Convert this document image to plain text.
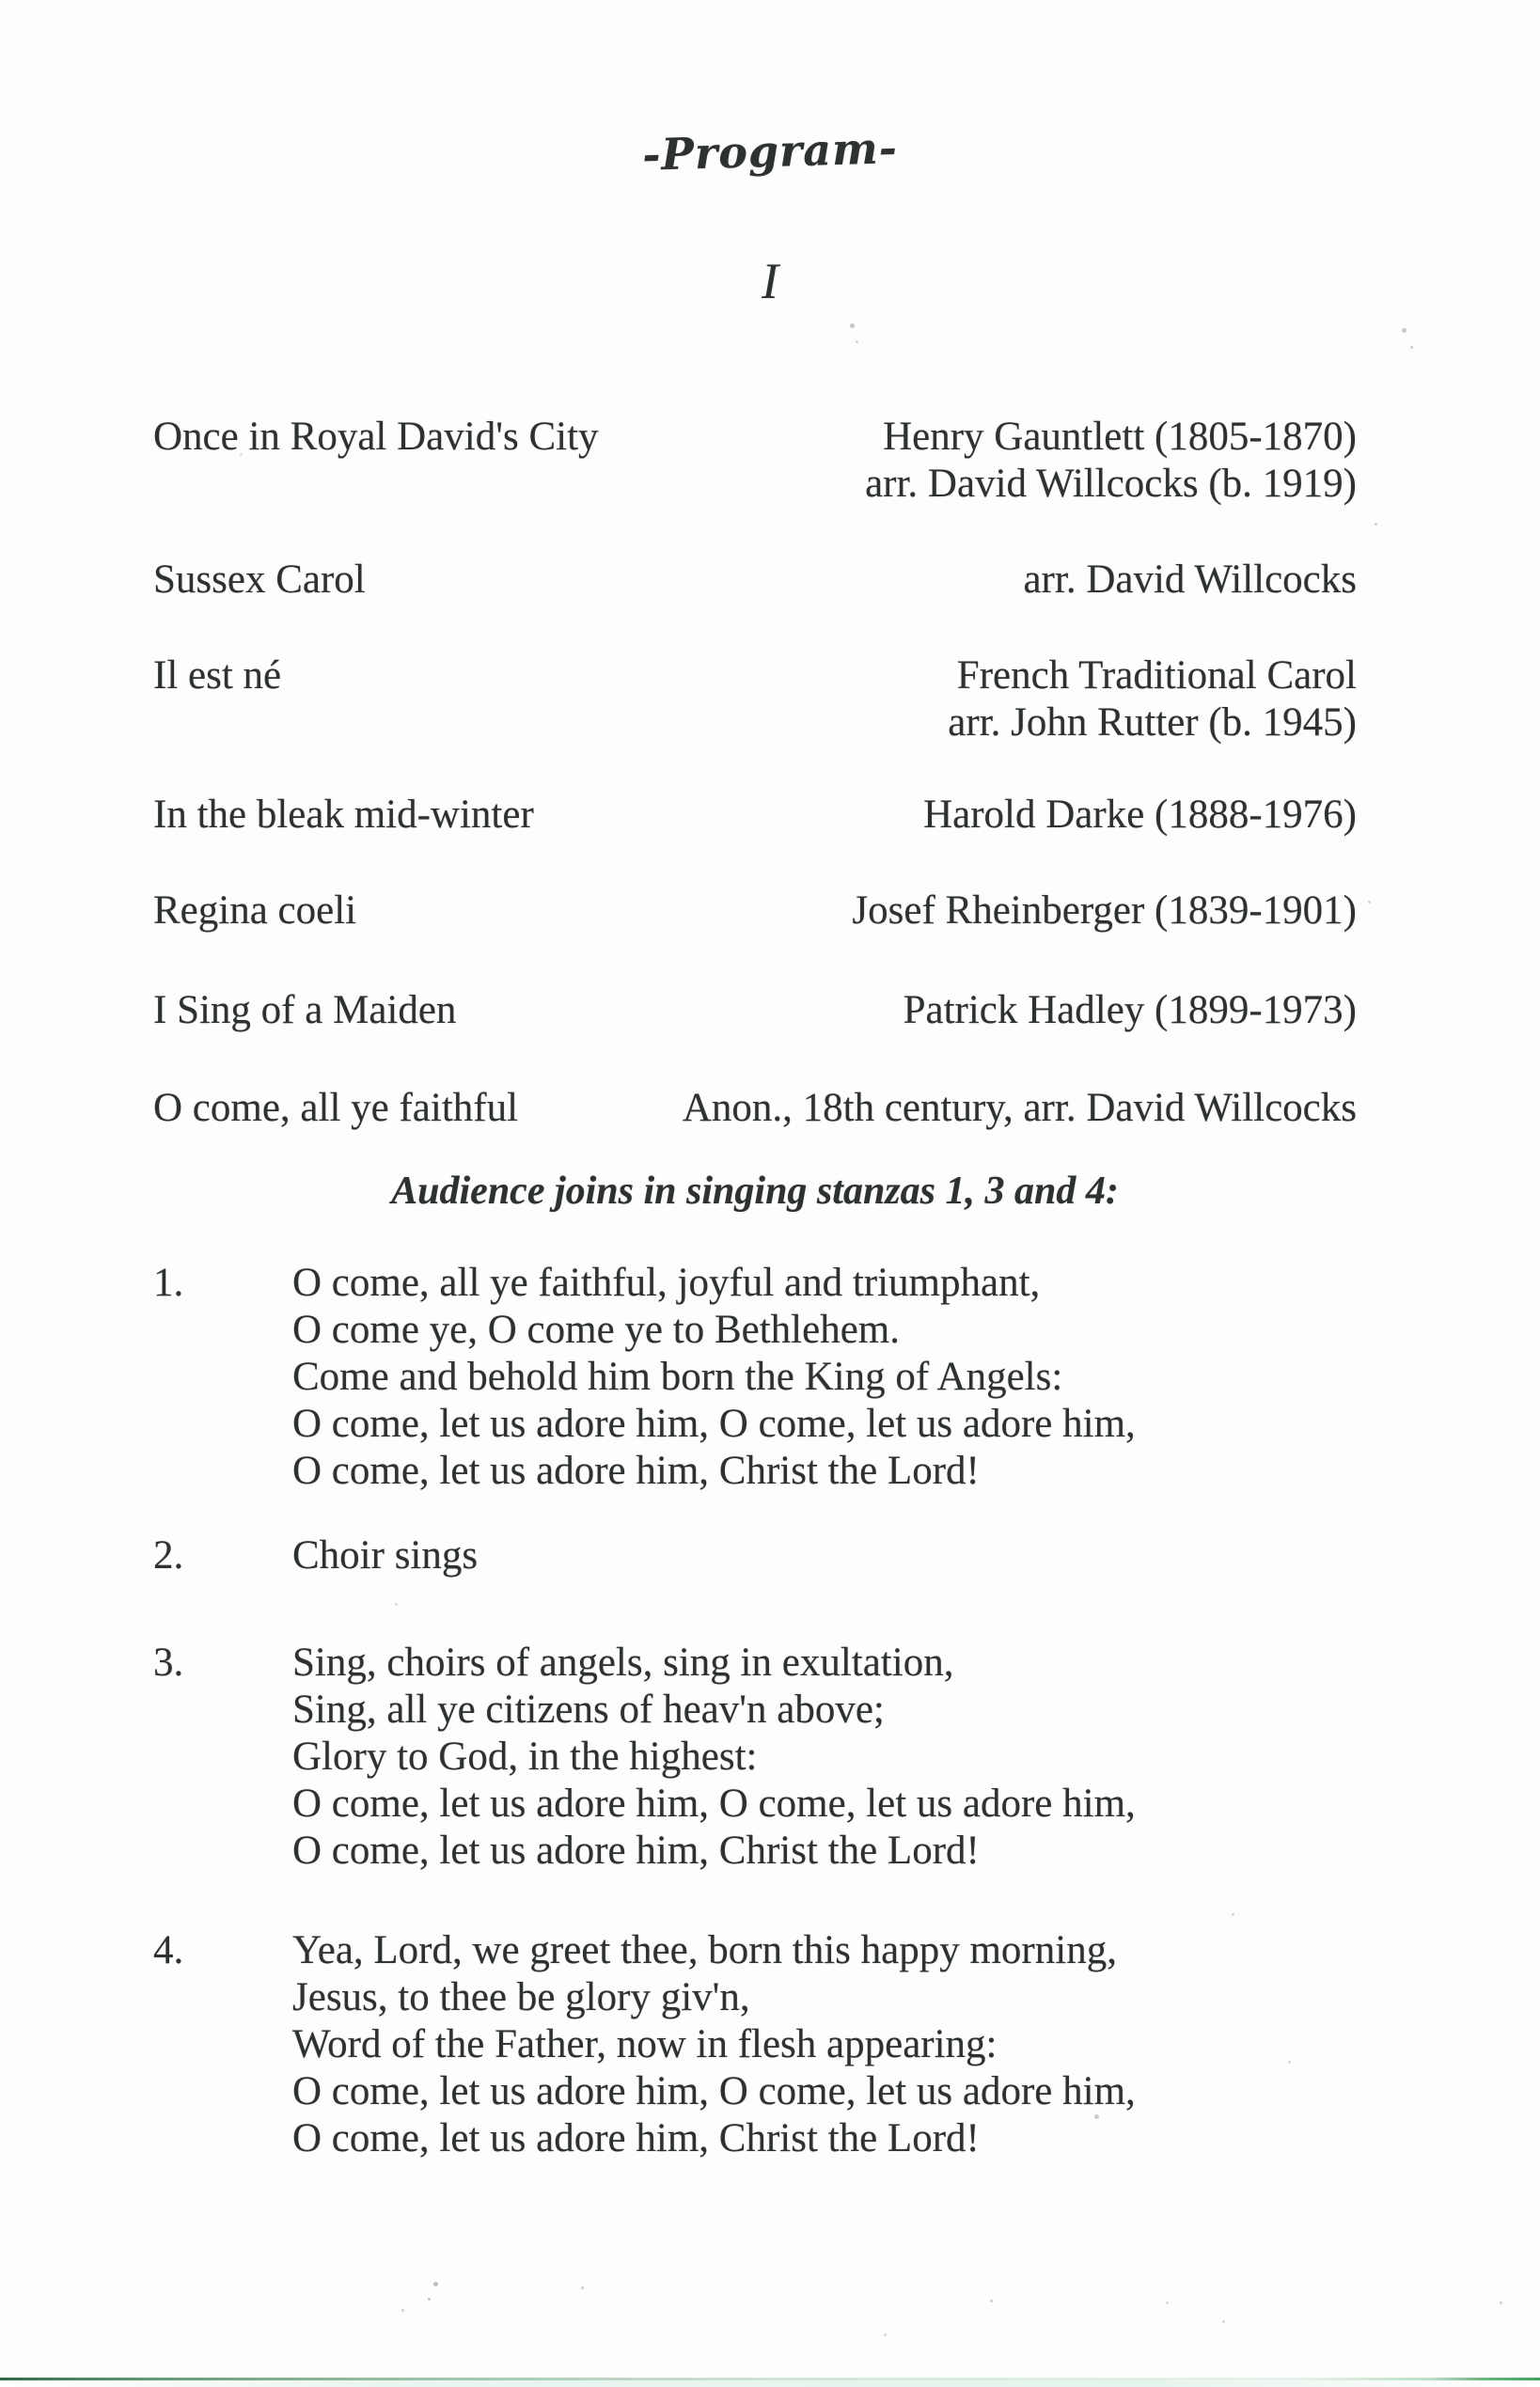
-Program-
I
Once in Royal David's City	Henry Gauntlett (1805-1870)
arr. David Willcocks (b. 1919)
Sussex Carol	arr. David Willcocks
Il est né	French Traditional Carol
arr. John Rutter (b. 1945)
In the bleak mid-winter	Harold Darke (1888-1976)
Regina coeli	Josef Rheinberger (1839-1901)
I Sing of a Maiden	Patrick Hadley (1899-1973)
O come, all ye faithful	Anon., 18th century, arr. David Willcocks
Audience joins in singing stanzas 1, 3 and 4:
1.	O come, all ye faithful, joyful and triumphant,
O come ye, O come ye to Bethlehem.
Come and behold him born the King of Angels:
O come, let us adore him, O come, let us adore him,
O come, let us adore him, Christ the Lord!
2.	Choir sings
3.	Sing, choirs of angels, sing in exultation,
Sing, all ye citizens of heav'n above;
Glory to God, in the highest:
O come, let us adore him, O come, let us adore him,
O come, let us adore him, Christ the Lord!
4.	Yea, Lord, we greet thee, born this happy morning,
Jesus, to thee be glory giv'n,
Word of the Father, now in flesh appearing:
O come, let us adore him, O come, let us adore him,
O come, let us adore him, Christ the Lord!
